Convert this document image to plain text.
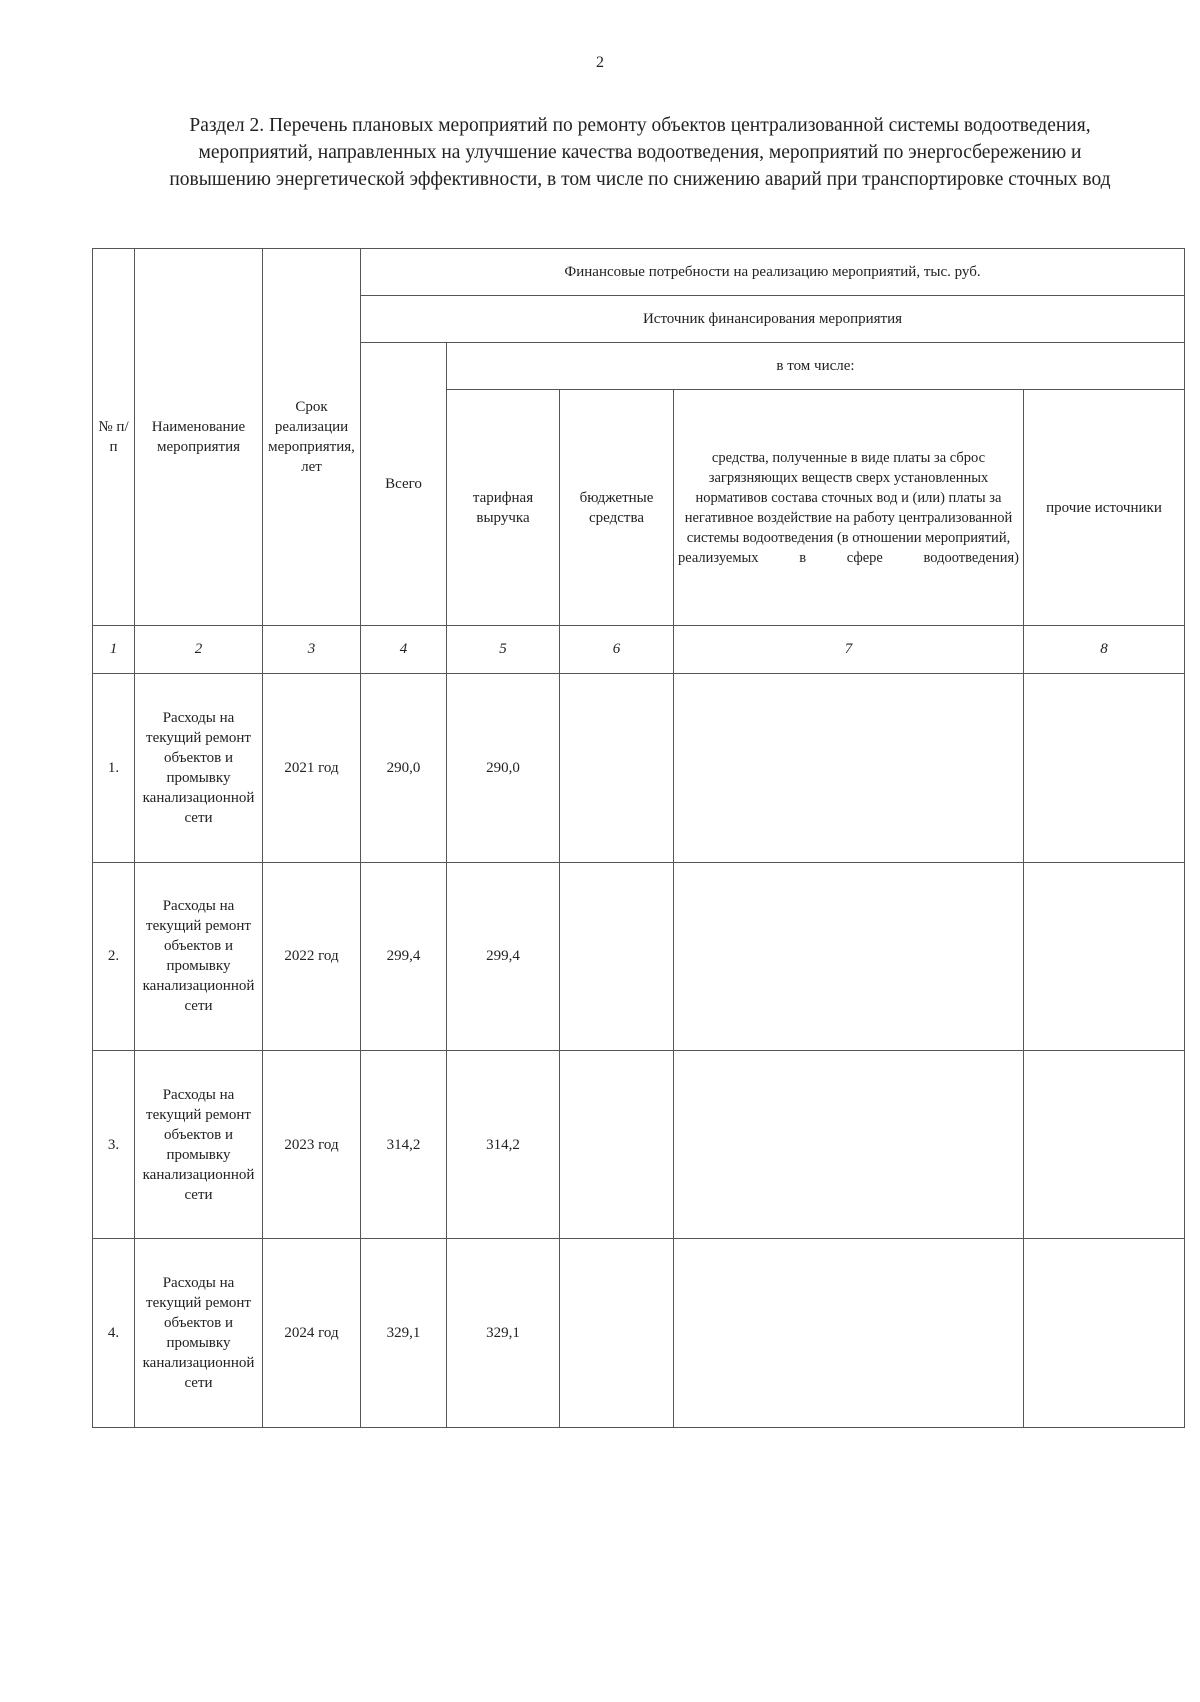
2
Раздел 2. Перечень плановых мероприятий по ремонту объектов централизованной системы водоотведения, мероприятий, направленных на улучшение качества водоотведения, мероприятий по энергосбережению и повышению энергетической эффективности, в том числе по снижению аварий при транспортировке сточных вод
№ п/п	Наименование мероприятия	Срок реализации мероприятия, лет	Финансовые потребности на реализацию мероприятий, тыс. руб.				
			Источник финансирования мероприятия				
			Всего	в том числе:			
				тарифная выручка	бюджетные средства	средства, полученные в виде платы за сброс загрязняющих веществ сверх установленных нормативов состава сточных вод и (или) платы за негативное воздействие на работу централизованной системы водоотведения (в отношении мероприятий, реализуемых в сфере водоотведения)	прочие источники
1	2	3	4	5	6	7	8
1.	Расходы на текущий ремонт объектов и промывку канализационной сети	2021 год	290,0	290,0			
2.	Расходы на текущий ремонт объектов и промывку канализационной сети	2022 год	299,4	299,4			
3.	Расходы на текущий ремонт объектов и промывку канализационной сети	2023 год	314,2	314,2			
4.	Расходы на текущий ремонт объектов и промывку канализационной сети	2024 год	329,1	329,1			
